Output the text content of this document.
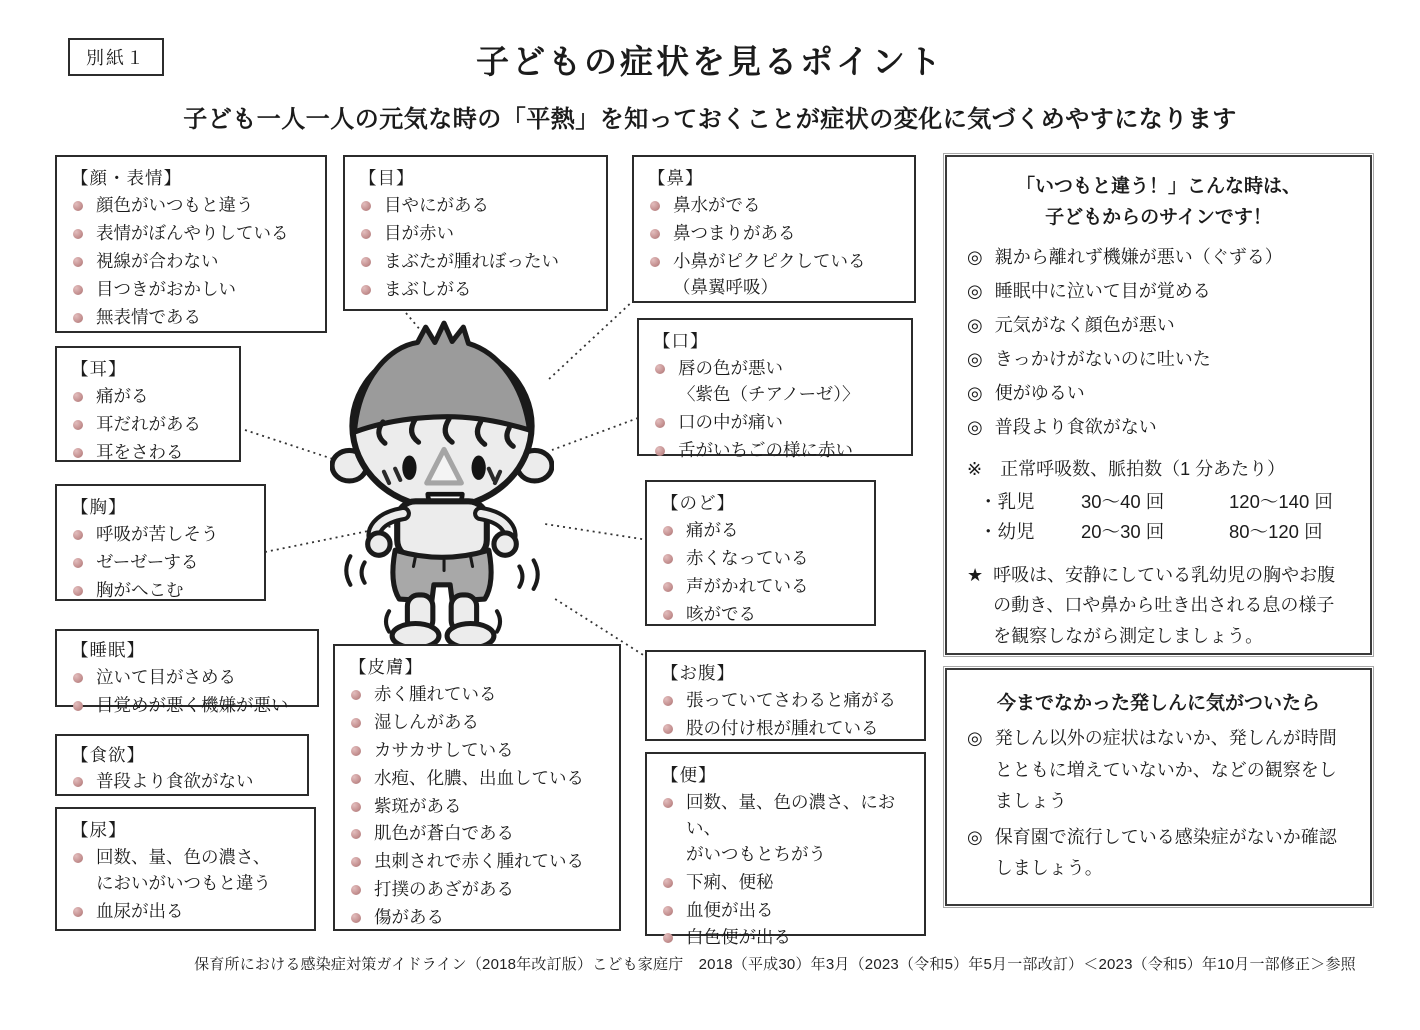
別紙１	子どもの症状を見るポイント
子ども一人一人の元気な時の「平熱」を知っておくことが症状の変化に気づくめやすになります
【顔・表情】
顔色がいつもと違う
表情がぼんやりしている
視線が合わない
目つきがおかしい
無表情である
【目】
目やにがある
目が赤い
まぶたが腫れぼったい
まぶしがる
【鼻】
鼻水がでる
鼻つまりがある
小鼻がピクピクしている
（鼻翼呼吸）
【耳】
痛がる
耳だれがある
耳をさわる
【口】
唇の色が悪い
〈紫色（チアノーゼ）〉
口の中が痛い
舌がいちごの様に赤い
【胸】
呼吸が苦しそう
ゼーゼーする
胸がへこむ
【のど】
痛がる
赤くなっている
声がかれている
咳がでる
【睡眠】
泣いて目がさめる
目覚めが悪く機嫌が悪い
【お腹】
張っていてさわると痛がる
股の付け根が腫れている
【食欲】
普段より食欲がない
【皮膚】
赤く腫れている
湿しんがある
カサカサしている
水疱、化膿、出血している
紫斑がある
肌色が蒼白である
虫刺されで赤く腫れている
打撲のあざがある
傷がある
【尿】
回数、量、色の濃さ、
においがいつもと違う
血尿が出る
【便】
回数、量、色の濃さ、におい、
がいつもとちがう
下痢、便秘
血便が出る
白色便が出る
「いつもと違う！」こんな時は、
子どもからのサインです！
◎ 親から離れず機嫌が悪い（ぐずる）
◎ 睡眠中に泣いて目が覚める
◎ 元気がなく顔色が悪い
◎ きっかけがないのに吐いた
◎ 便がゆるい
◎ 普段より食欲がない
※　正常呼吸数、脈拍数（1 分あたり）
・乳児	30～40 回	120～140 回
・幼児	20～30 回	80～120 回
★ 呼吸は、安静にしている乳幼児の胸やお腹の動き、口や鼻から吐き出される息の様子を観察しながら測定しましょう。
今までなかった発しんに気がついたら
◎ 発しん以外の症状はないか、発しんが時間とともに増えていないか、などの観察をしましょう
◎ 保育園で流行している感染症がないか確認しましょう。
保育所における感染症対策ガイドライン（2018年改訂版）こども家庭庁　2018（平成30）年3月（2023（令和5）年5月一部改訂）＜2023（令和5）年10月一部修正＞参照
